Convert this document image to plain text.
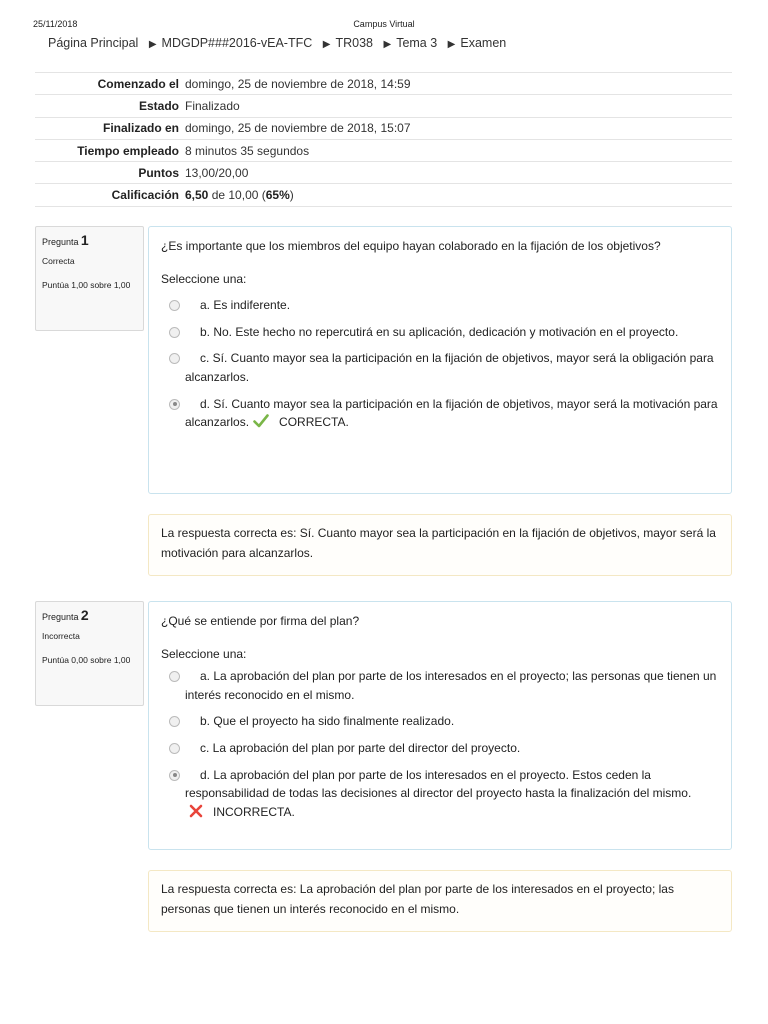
25/11/2018	Campus Virtual
Página Principal ▶ MDGDP###2016-vEA-TFC ▶ TR038 ▶ Tema 3 ▶ Examen
Comenzado el	domingo, 25 de noviembre de 2018, 14:59
Estado	Finalizado
Finalizado en	domingo, 25 de noviembre de 2018, 15:07
Tiempo empleado	8 minutos 35 segundos
Puntos	13,00/20,00
Calificación	6,50 de 10,00 (65%)
Pregunta 1
Correcta
Puntúa 1,00 sobre 1,00
¿Es importante que los miembros del equipo hayan colaborado en la fijación de los objetivos?
Seleccione una:
a. Es indiferente.
b. No. Este hecho no repercutirá en su aplicación, dedicación y motivación en el proyecto.
c. Sí. Cuanto mayor sea la participación en la fijación de objetivos, mayor será la obligación para alcanzarlos.
d. Sí. Cuanto mayor sea la participación en la fijación de objetivos, mayor será la motivación para alcanzarlos.	CORRECTA.
La respuesta correcta es: Sí. Cuanto mayor sea la participación en la fijación de objetivos, mayor será la motivación para alcanzarlos.
Pregunta 2
Incorrecta
Puntúa 0,00 sobre 1,00
¿Qué se entiende por firma del plan?
Seleccione una:
a. La aprobación del plan por parte de los interesados en el proyecto; las personas que tienen un interés reconocido en el mismo.
b. Que el proyecto ha sido finalmente realizado.
c. La aprobación del plan por parte del director del proyecto.
d. La aprobación del plan por parte de los interesados en el proyecto. Estos ceden la responsabilidad de todas las decisiones al director del proyecto hasta la finalización del mismo.INCORRECTA.
La respuesta correcta es: La aprobación del plan por parte de los interesados en el proyecto; las personas que tienen un interés reconocido en el mismo.
